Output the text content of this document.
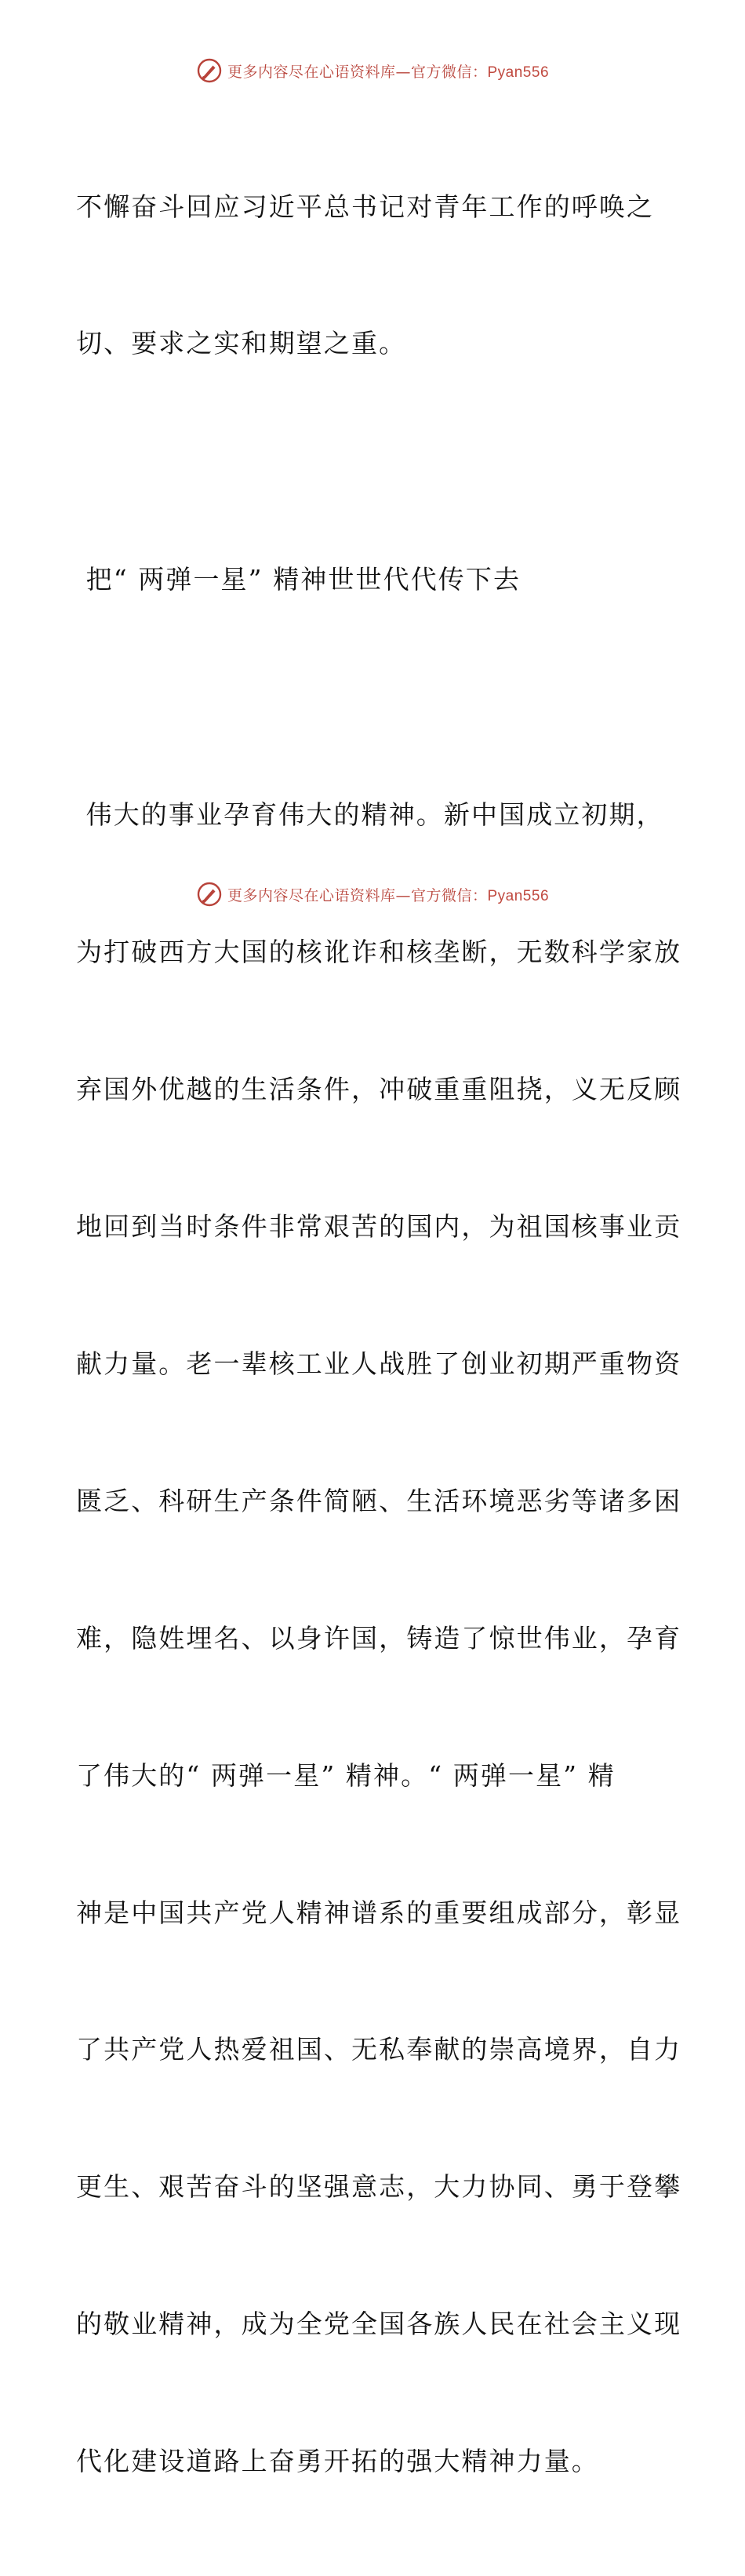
更多内容尽在心语资料库—官方微信：Pyan556

不懈奋斗回应习近平总书记对青年工作的呼唤之

切、要求之实和期望之重。

把“ 两弹一星” 精神世世代代传下去

伟大的事业孕育伟大的精神。新中国成立初期，

为打破西方大国的核讹诈和核垄断，无数科学家放

弃国外优越的生活条件，冲破重重阻挠，义无反顾

地回到当时条件非常艰苦的国内，为祖国核事业贡

献力量。老一辈核工业人战胜了创业初期严重物资

匮乏、科研生产条件简陋、生活环境恶劣等诸多困

难，隐姓埋名、以身许国，铸造了惊世伟业，孕育

了伟大的“ 两弹一星” 精神。“ 两弹一星” 精

神是中国共产党人精神谱系的重要组成部分，彰显

了共产党人热爱祖国、无私奉献的崇高境界，自力

更生、艰苦奋斗的坚强意志，大力协同、勇于登攀

的敬业精神，成为全党全国各族人民在社会主义现

代化建设道路上奋勇开拓的强大精神力量。

更多内容尽在心语资料库—官方微信：Pyan556
